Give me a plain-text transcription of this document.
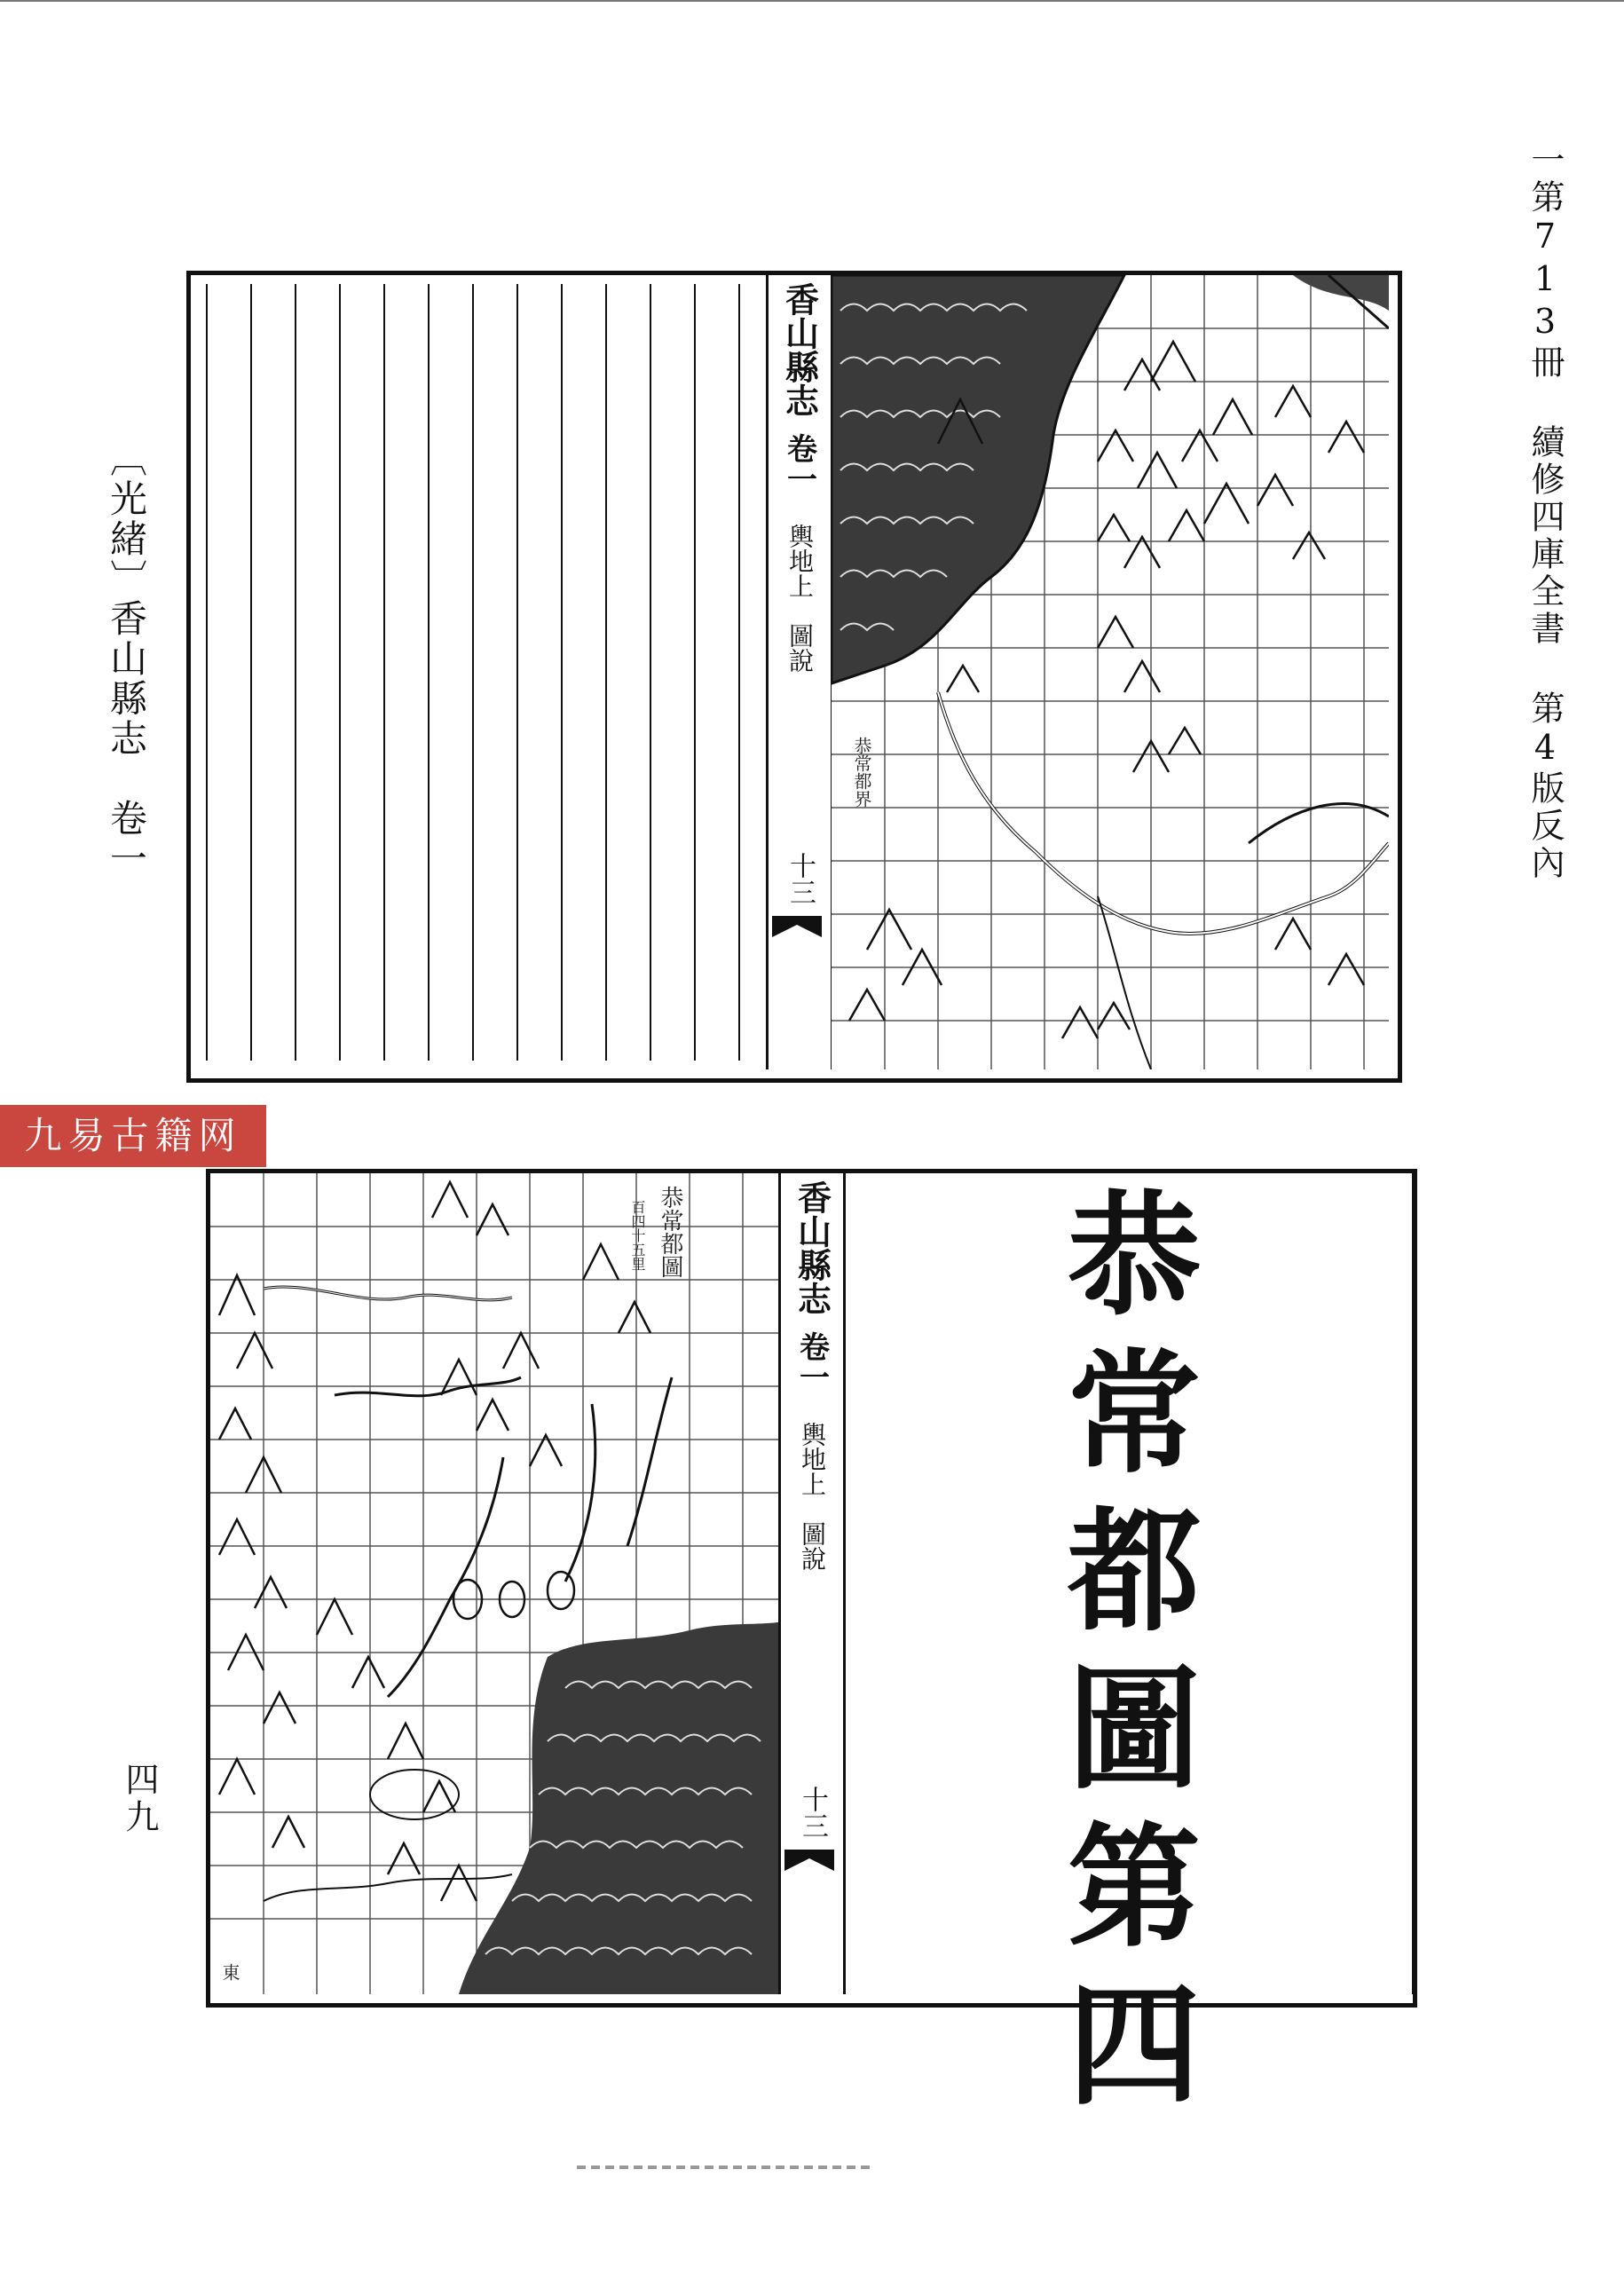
一第713冊 續修四庫全書 第4版反內
〔光緒〕香山縣志　卷一
四九
香山縣志
卷一
輿地上　圖說
十三
恭常都界
九易古籍网
恭常都圖
百四十五里
東
香山縣志
卷一
輿地上　圖說
十三 恭常都圖第四
